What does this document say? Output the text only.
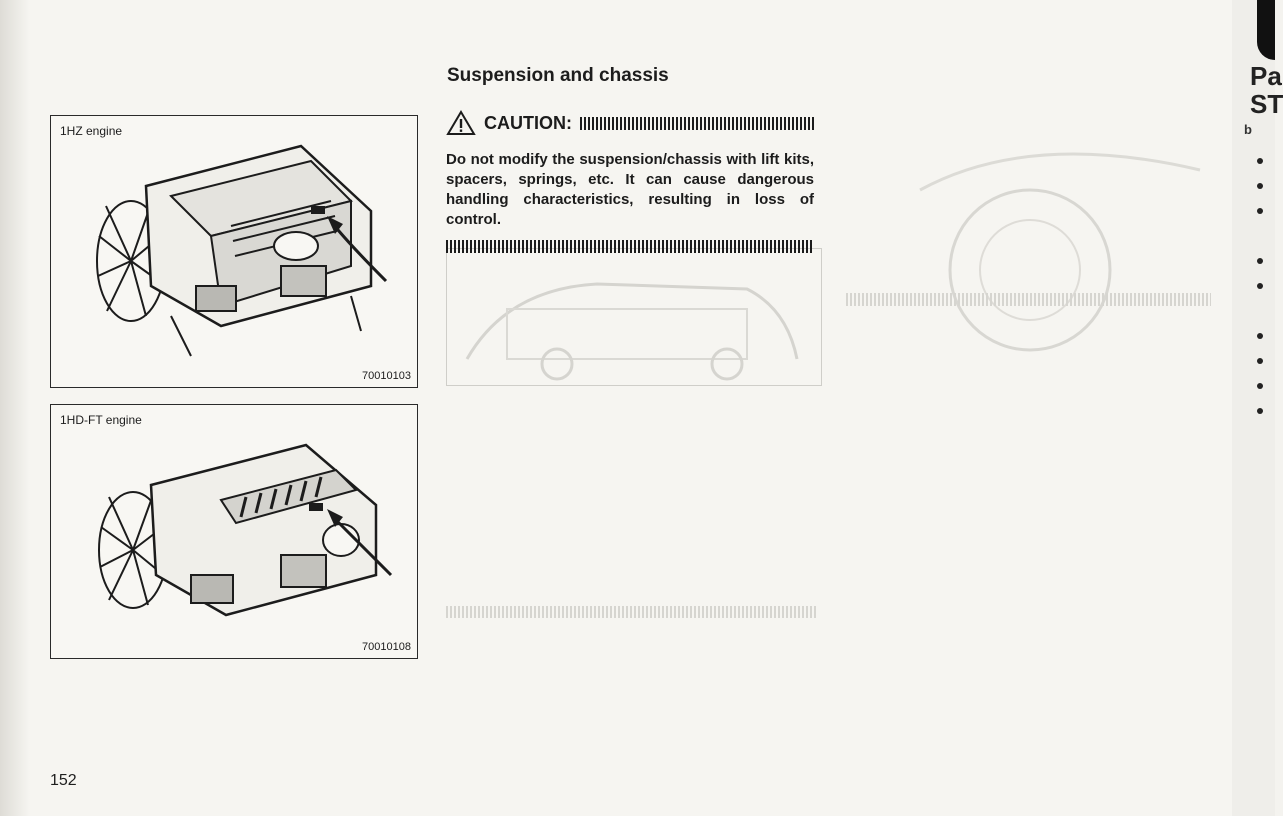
1HZ engine
70010103
1HD-FT engine
70010108
Suspension and chassis
CAUTION:
Do not modify the suspension/chassis with lift kits, spacers, springs, etc. It can cause dangerous handling characteristics, resulting in loss of control.
152
Pa
ST
b
